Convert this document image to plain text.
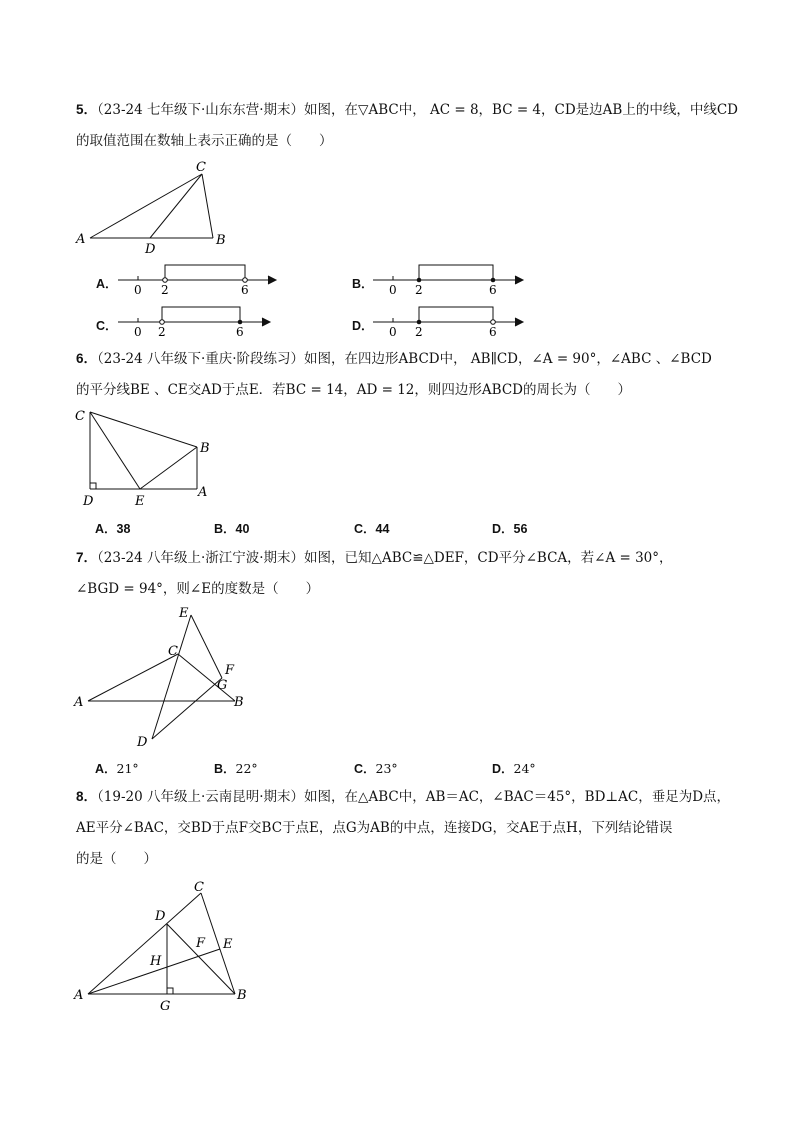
5．（23-24 七年级下·山东东营·期末）如图，在▽ABC中， AC = 8，BC = 4，CD是边AB上的中线，中线CD
的取值范围在数轴上表示正确的是（　　）
A	B
C
D
A． 0 2	6	B． 0 2	6
C． 0 2	6	D． 0 2	6
6．（23-24 八年级下·重庆·阶段练习）如图，在四边形ABCD中， AB∥CD，∠A = 90°，∠ABC 、∠BCD
的平分线BE 、CE交AD于点E．若BC = 14，AD = 12，则四边形ABCD的周长为（　　）
C
B
D	E
A
A．38	B．40	C．44	D．56
7．（23-24 八年级上·浙江宁波·期末）如图，已知△ABC≌△DEF，CD平分∠BCA，若∠A = 30°，
∠BGD = 94°，则∠E的度数是（　　）
E
C
F
G
A	B
D
A．21°	B．22°	C．23°	D．24°
8．（19-20 八年级上·云南昆明·期末）如图，在△ABC中，AB＝AC，∠BAC＝45°，BD⊥AC，垂足为D点，
AE平分∠BAC，交BD于点F交BC于点E，点G为AB的中点，连接DG，交AE于点H，下列结论错误
的是（　　）
C
D
F E
H
A
G
B
